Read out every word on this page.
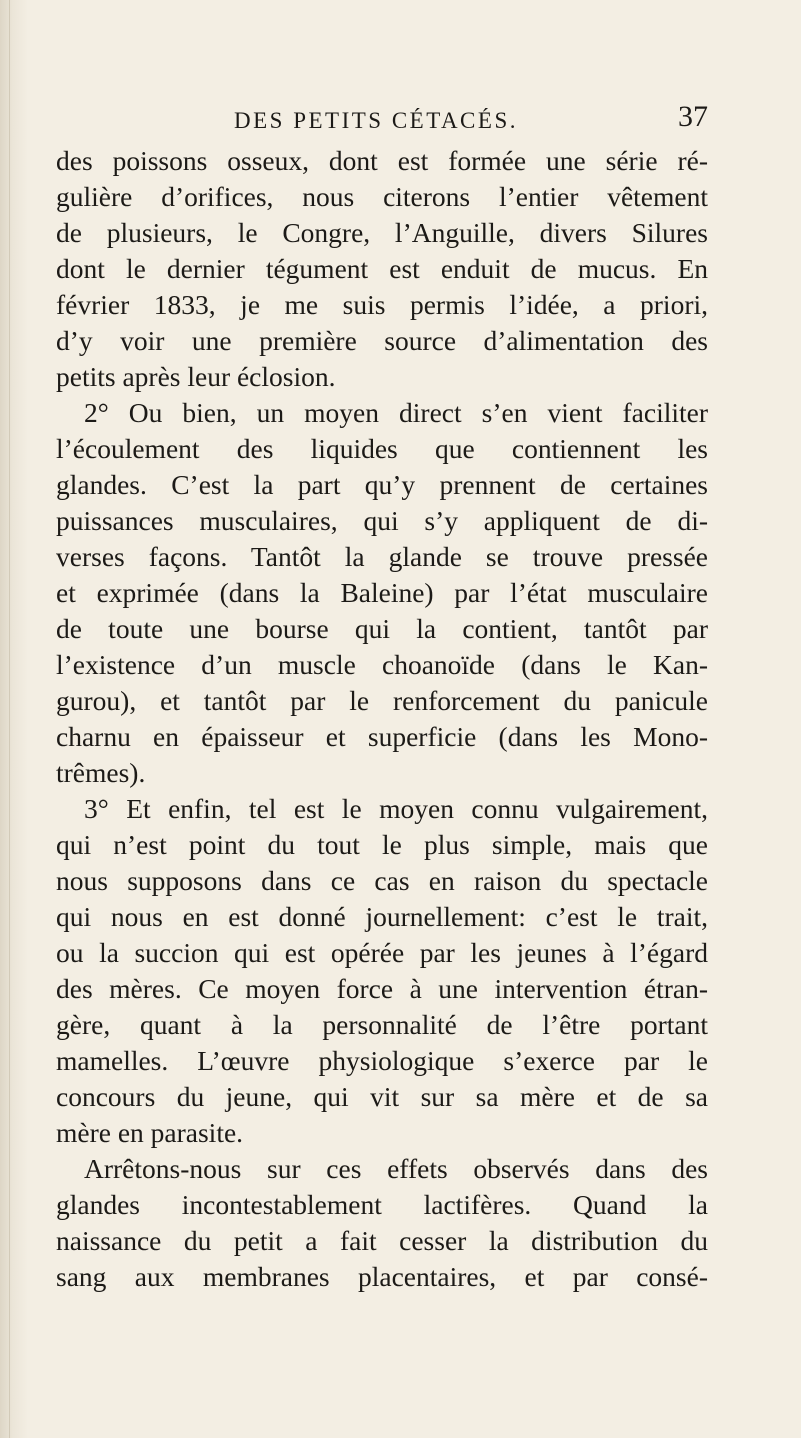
DES PETITS CÉTACÉS.	37
des poissons osseux, dont est formée une série ré-
gulière d’orifices, nous citerons l’entier vêtement
de plusieurs, le Congre, l’Anguille, divers Silures
dont le dernier tégument est enduit de mucus. En
février 1833, je me suis permis l’idée, a priori,
d’y voir une première source d’alimentation des
petits après leur éclosion.
2° Ou bien, un moyen direct s’en vient faciliter
l’écoulement des liquides que contiennent les
glandes. C’est la part qu’y prennent de certaines
puissances musculaires, qui s’y appliquent de di-
verses façons. Tantôt la glande se trouve pressée
et exprimée (dans la Baleine) par l’état musculaire
de toute une bourse qui la contient, tantôt par
l’existence d’un muscle choanoïde (dans le Kan-
gurou), et tantôt par le renforcement du panicule
charnu en épaisseur et superficie (dans les Mono-
trêmes).
3° Et enfin, tel est le moyen connu vulgairement,
qui n’est point du tout le plus simple, mais que
nous supposons dans ce cas en raison du spectacle
qui nous en est donné journellement: c’est le trait,
ou la succion qui est opérée par les jeunes à l’égard
des mères. Ce moyen force à une intervention étran-
gère, quant à la personnalité de l’être portant
mamelles. L’œuvre physiologique s’exerce par le
concours du jeune, qui vit sur sa mère et de sa
mère en parasite.
Arrêtons-nous sur ces effets observés dans des
glandes incontestablement lactifères. Quand la
naissance du petit a fait cesser la distribution du
sang aux membranes placentaires, et par consé-
